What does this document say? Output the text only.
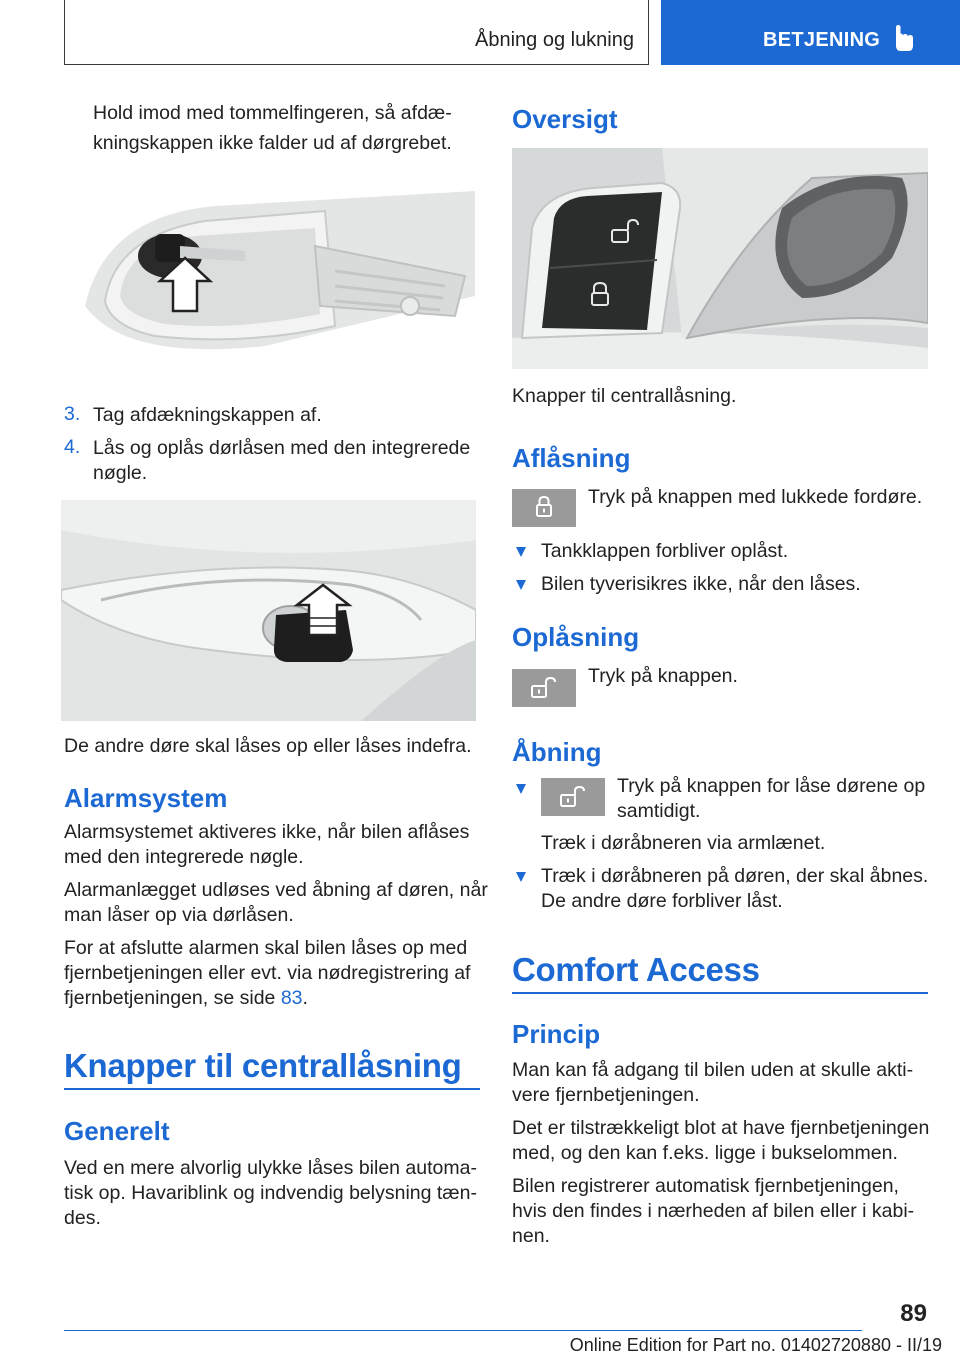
Åbning og lukning	BETJENING
Hold imod med tommelfingeren, så afdæ-
kningskappen ikke falder ud af dørgrebet.
3. Tag afdækningskappen af.
4. Lås og oplås dørlåsen med den integrerede
nøgle.
De andre døre skal låses op eller låses indefra.
Alarmsystem
Alarmsystemet aktiveres ikke, når bilen aflåses
med den integrerede nøgle.
Alarmanlægget udløses ved åbning af døren, når
man låser op via dørlåsen.
For at afslutte alarmen skal bilen låses op med
fjernbetjeningen eller evt. via nødregistrering af
fjernbetjeningen, se side 83.
Knapper til centrallåsning
Generelt
Ved en mere alvorlig ulykke låses bilen automa-
tisk op. Havariblink og indvendig belysning tæn-
des.
Oversigt
Knapper til centrallåsning.
Aflåsning
Tryk på knappen med lukkede fordøre.
Tankklappen forbliver oplåst.
Bilen tyverisikres ikke, når den låses.
Oplåsning
Tryk på knappen.
Åbning
Tryk på knappen for låse dørene op
samtidigt.
Træk i døråbneren via armlænet.
Træk i døråbneren på døren, der skal åbnes.
De andre døre forbliver låst.
Comfort Access
Princip
Man kan få adgang til bilen uden at skulle akti-
vere fjernbetjeningen.
Det er tilstrækkeligt blot at have fjernbetjeningen
med, og den kan f.eks. ligge i bukselommen.
Bilen registrerer automatisk fjernbetjeningen,
hvis den findes i nærheden af bilen eller i kabi-
nen.
89
Online Edition for Part no. 01402720880 - II/19
